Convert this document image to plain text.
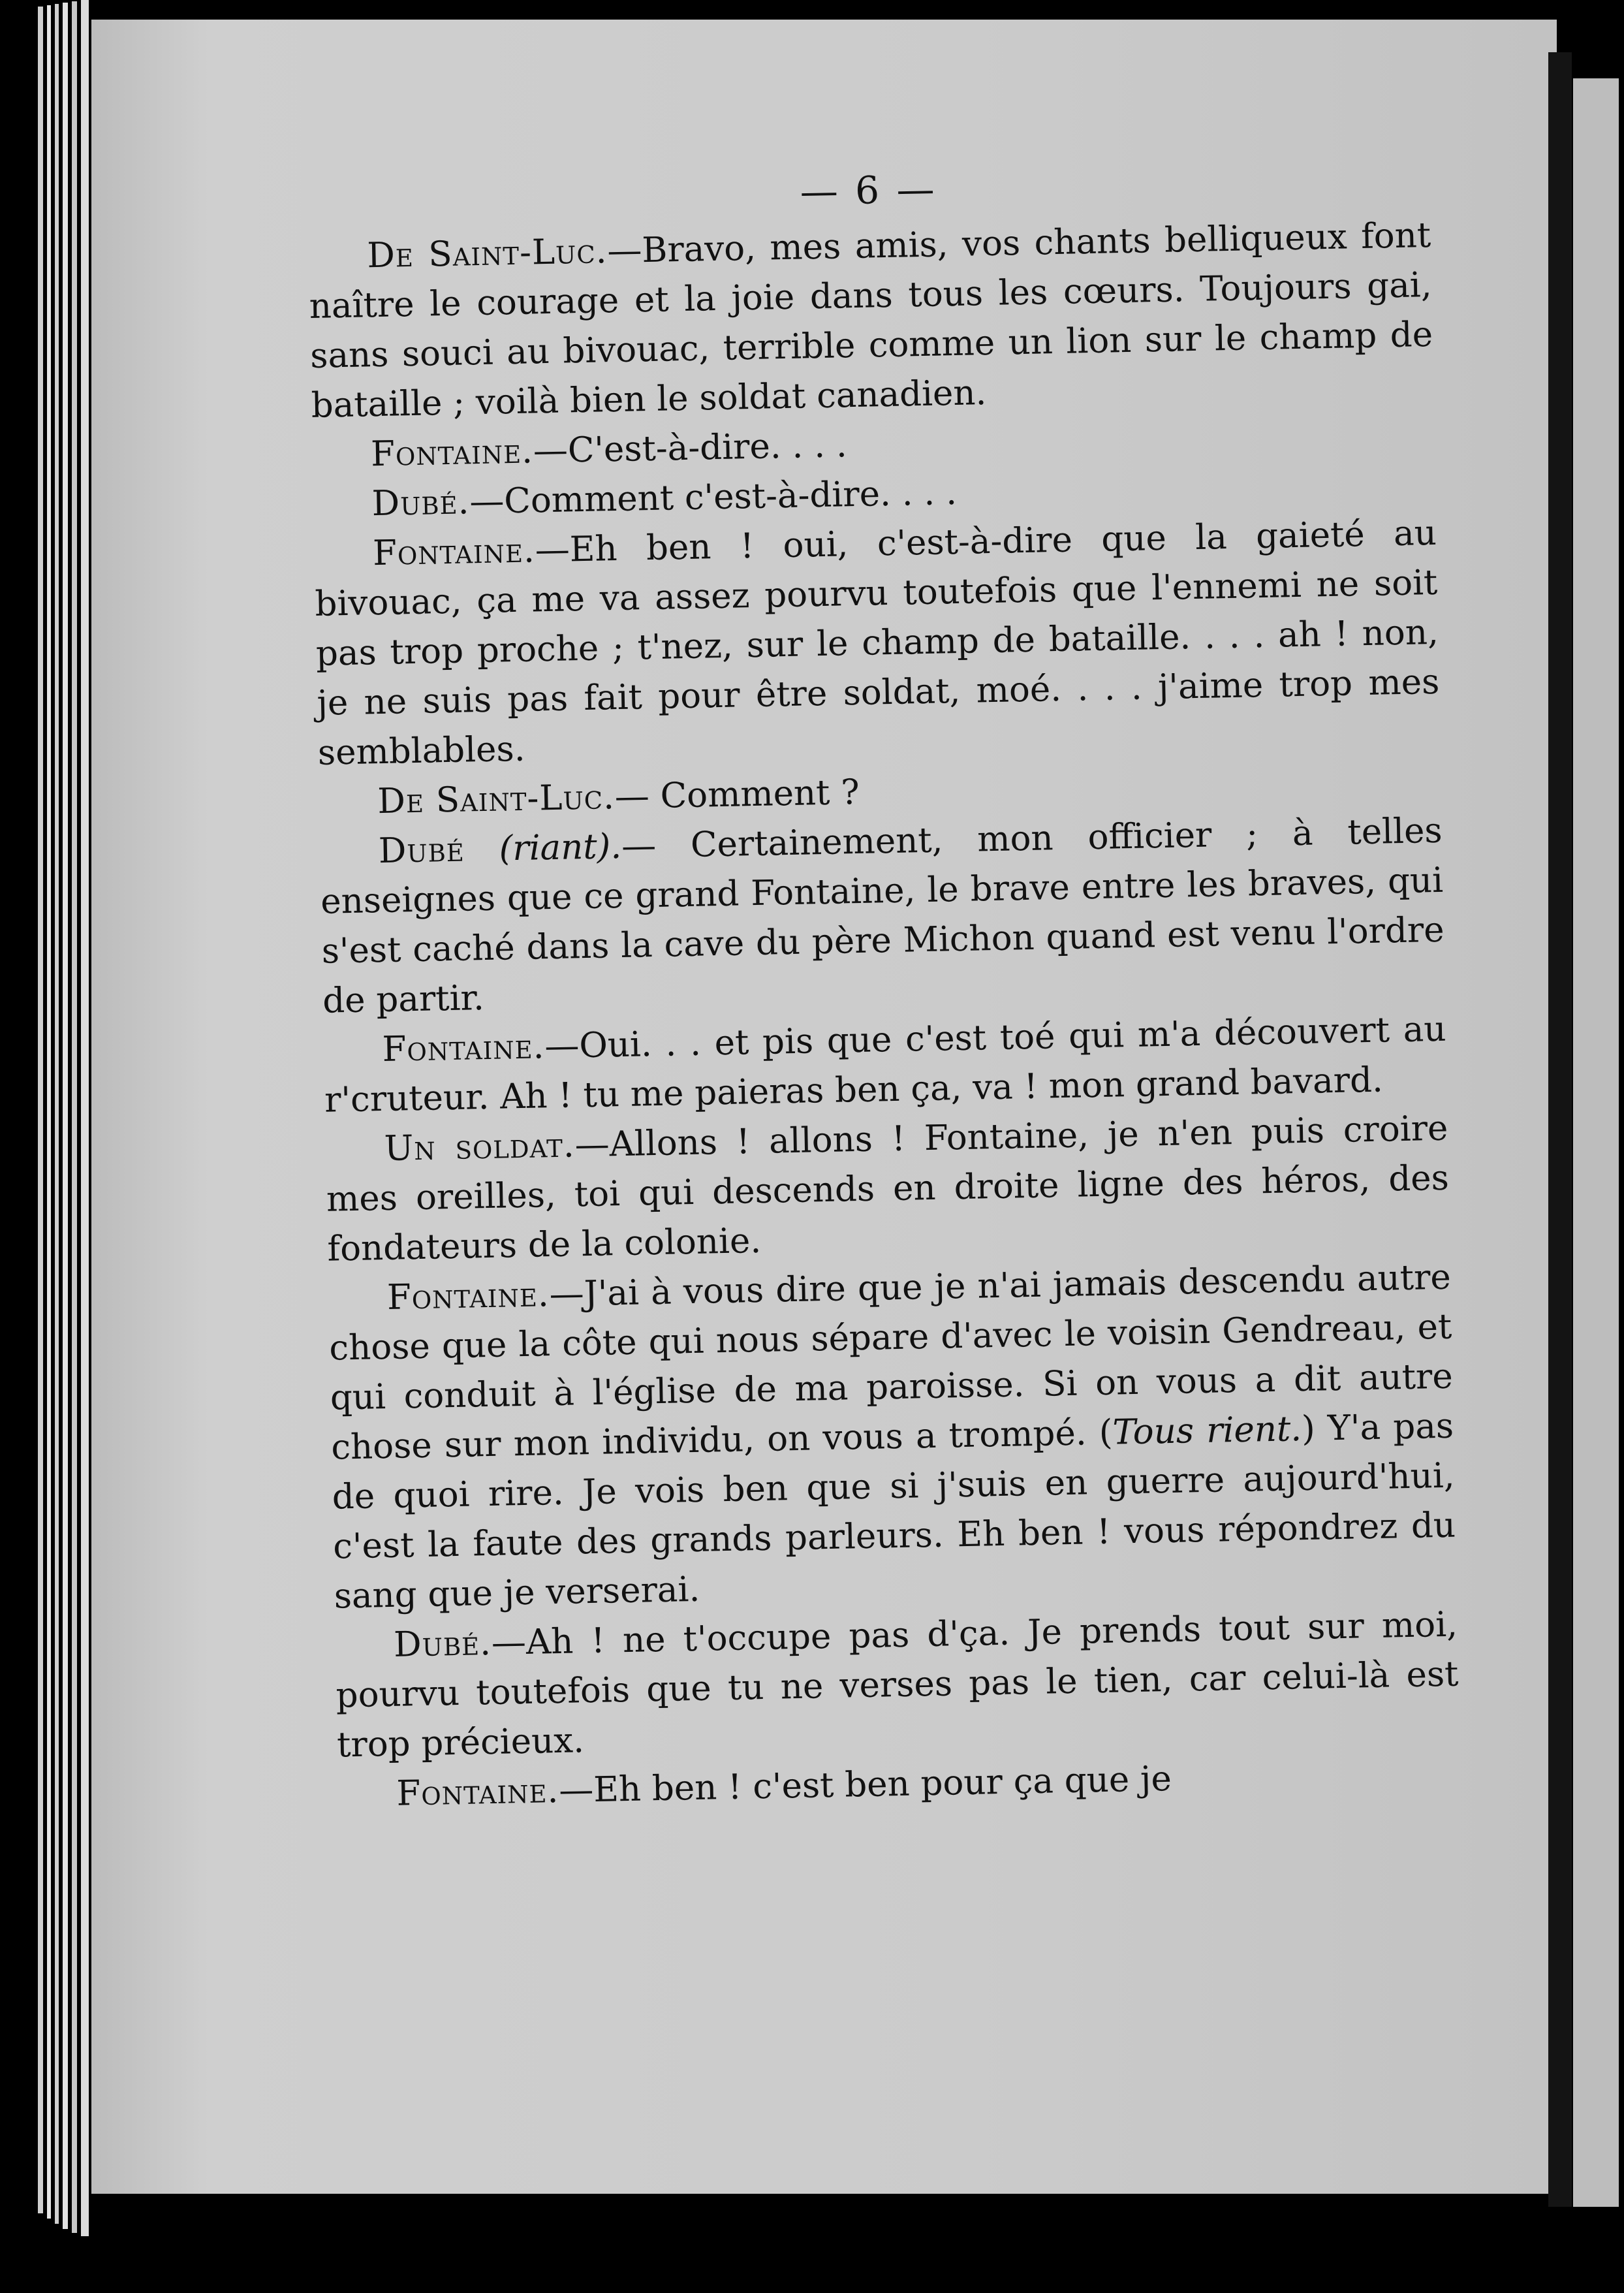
— 6 —

De Saint-Luc.—Bravo, mes amis, vos chants belliqueux font naître le courage et la joie dans tous les cœurs. Toujours gai, sans souci au bivouac, terrible comme un lion sur le champ de bataille ; voilà bien le soldat canadien.

Fontaine.—C'est-à-dire. . . .

Dubé.—Comment c'est-à-dire. . . .

Fontaine.—Eh ben ! oui, c'est-à-dire que la gaieté au bivouac, ça me va assez pourvu toutefois que l'ennemi ne soit pas trop proche ; t'nez, sur le champ de bataille. . . . ah ! non, je ne suis pas fait pour être soldat, moé. . . . j'aime trop mes semblables.

De Saint-Luc.— Comment ?

Dubé (riant).— Certainement, mon officier ; à telles enseignes que ce grand Fontaine, le brave entre les braves, qui s'est caché dans la cave du père Michon quand est venu l'ordre de partir.

Fontaine.—Oui. . . et pis que c'est toé qui m'a découvert au r'cruteur. Ah ! tu me paieras ben ça, va ! mon grand bavard.

Un soldat.—Allons ! allons ! Fontaine, je n'en puis croire mes oreilles, toi qui descends en droite ligne des héros, des fondateurs de la colonie.

Fontaine.—J'ai à vous dire que je n'ai jamais descendu autre chose que la côte qui nous sépare d'avec le voisin Gendreau, et qui conduit à l'église de ma paroisse. Si on vous a dit autre chose sur mon individu, on vous a trompé. (Tous rient.) Y'a pas de quoi rire. Je vois ben que si j'suis en guerre aujourd'hui, c'est la faute des grands parleurs. Eh ben ! vous répondrez du sang que je verserai.

Dubé.—Ah ! ne t'occupe pas d'ça. Je prends tout sur moi, pourvu toutefois que tu ne verses pas le tien, car celui-là est trop précieux.

Fontaine.—Eh ben ! c'est ben pour ça que je
